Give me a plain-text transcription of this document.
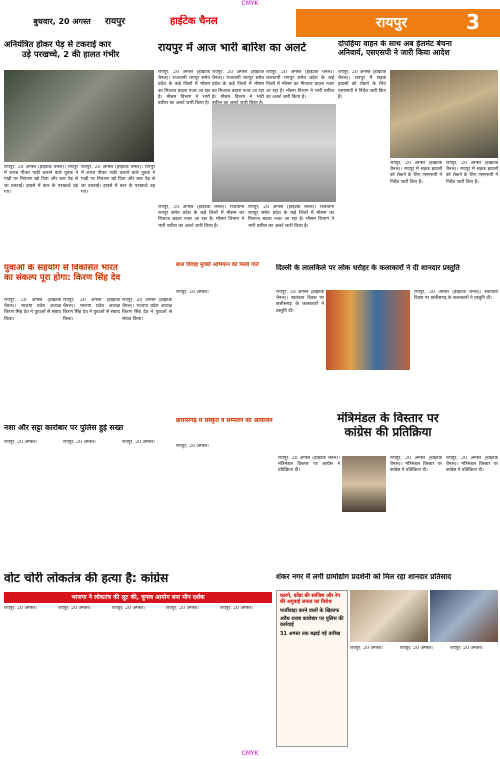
CMYK
बुधवार, 20 अगस्त	रायपुर	हाईटेक चैनल	रायपुर	3
अनियंत्रित होकर पेड़ से टकराई कार
उड़े परखच्चे, 2 की हालत गंभीर
रायपुर, 20 अगस्त (हाईटेक चैनल)। रायपुर में शराब पीकर गाड़ी चलाने वाले युवक ने गाड़ी पर नियंत्रण खो दिया और कार पेड़ से जा टकराई। हादसे में कार के परखच्चे उड़ गए।
रायपुर, 20 अगस्त (हाईटेक चैनल)। रायपुर में शराब पीकर गाड़ी चलाने वाले युवक ने गाड़ी पर नियंत्रण खो दिया और कार पेड़ से जा टकराई। हादसे में कार के परखच्चे उड़ गए।
रायपुर में आज भारी बारिश का अलर्ट
रायपुर, 20 अगस्त (हाईटेक चैनल)। राजधानी रायपुर समेत प्रदेश के कई जिलों में मौसम का मिजाज बदला नजर आ रहा है। मौसम विभाग ने भारी बारिश का अलर्ट जारी किया है।
रायपुर, 20 अगस्त (हाईटेक चैनल)। राजधानी रायपुर समेत प्रदेश के कई जिलों में मौसम का मिजाज बदला नजर आ रहा है। मौसम विभाग ने भारी
रायपुर, 20 अगस्त (हाईटेक चैनल)। राजधानी रायपुर समेत प्रदेश के कई जिलों में मौसम का मिजाज बदला नजर आ रहा है। मौसम विभाग ने भारी बारिश का अलर्ट जारी किया है।
रायपुर, 20 अगस्त (हाईटेक चैनल)। राजधानी रायपुर समेत प्रदेश के कई जिलों में मौसम का मिजाज बदला नजर आ रहा है। मौसम विभाग ने भारी बारिश का अलर्ट जारी किया है।
रायपुर, 20 अगस्त (हाईटेक चैनल)। राजधानी रायपुर समेत प्रदेश के कई जिलों में मौसम का मिजाज बदला नजर आ रहा है। मौसम विभाग ने भारी बारिश का अलर्ट जारी किया है।
दोपहिया वाहन के साथ अब हेलमेट बेचना
अनिवार्य, एसएसपी ने जारी किया आदेश
रायपुर, 20 अगस्त (हाईटेक चैनल)। रायपुर में सड़क हादसों को रोकने के लिए एसएसपी ने निर्देश जारी किए हैं।
रायपुर, 20 अगस्त (हाईटेक चैनल)। रायपुर में सड़क हादसों को रोकने के लिए एसएसपी ने निर्देश जारी किए हैं।
रायपुर, 20 अगस्त (हाईटेक चैनल)। रायपुर में सड़क हादसों को रोकने के लिए एसएसपी ने निर्देश जारी किए हैं।
युवाओं के सहयोग से विकसित भारत
का संकल्प पूरा होगा: किरण सिंह देव
रायपुर, 20 अगस्त (हाईटेक चैनल)। भाजपा प्रदेश अध्यक्ष किरण सिंह देव ने युवाओं से संवाद किया।
रायपुर, 20 अगस्त (हाईटेक चैनल)। भाजपा प्रदेश अध्यक्ष किरण सिंह देव ने युवाओं से संवाद किया।
रायपुर, 20 अगस्त (हाईटेक चैनल)। भाजपा प्रदेश अध्यक्ष किरण सिंह देव ने युवाओं से संवाद किया।
बाल विवाह मुक्ति अभियान को मिली गति
रायपुर, 20 अगस्त।
दिल्ली के लालकिले पर लोक धरोहर के कलाकारों ने दी शानदार प्रस्तुति
रायपुर, 20 अगस्त (हाईटेक चैनल)। स्वतंत्रता दिवस पर छत्तीसगढ़ के कलाकारों ने प्रस्तुति दी।
रायपुर, 20 अगस्त (हाईटेक चैनल)। स्वतंत्रता दिवस पर छत्तीसगढ़ के कलाकारों ने प्रस्तुति दी।
नशा और सट्टा कारोबार पर पुलिस हुई सख्त
रायपुर, 20 अगस्त।	रायपुर, 20 अगस्त।	रायपुर, 20 अगस्त।
छत्तीसगढ़ में संस्कृत व सम्मेलन का आयोजन
रायपुर, 20 अगस्त।
मंत्रिमंडल के विस्तार पर
कांग्रेस की प्रतिक्रिया
रायपुर, 20 अगस्त (हाईटेक चैनल)। मंत्रिमंडल विस्तार पर कांग्रेस ने प्रतिक्रिया दी।
रायपुर, 20 अगस्त (हाईटेक चैनल)। मंत्रिमंडल विस्तार पर कांग्रेस ने प्रतिक्रिया दी।
रायपुर, 20 अगस्त (हाईटेक चैनल)। मंत्रिमंडल विस्तार पर कांग्रेस ने प्रतिक्रिया दी।
वोट चोरी लोकतंत्र की हत्या है: कांग्रेस
भाजपा ने लोकतंत्र की लूट की, चुनाव आयोग बना मौन दर्शक
रायपुर, 20 अगस्त।	रायपुर, 20 अगस्त।	रायपुर, 20 अगस्त।	रायपुर, 20 अगस्त।	रायपुर, 20 अगस्त।
शंकर नगर में लगी ग्रामोद्योग प्रदर्शनी को मिल रहा शानदार प्रतिसाद
कारगे, कोंडा की साजिश और रेप की अगुवाई जनता का विरोध
फर्जीवाड़ा करने वालों के खिलाफ
अवैध शराब कारोबार पर पुलिस की कार्रवाई
31 अगस्त तक बढ़ाई गई तारीख
रायपुर, 20 अगस्त।	रायपुर, 20 अगस्त।	रायपुर, 20 अगस्त।
CMYK
